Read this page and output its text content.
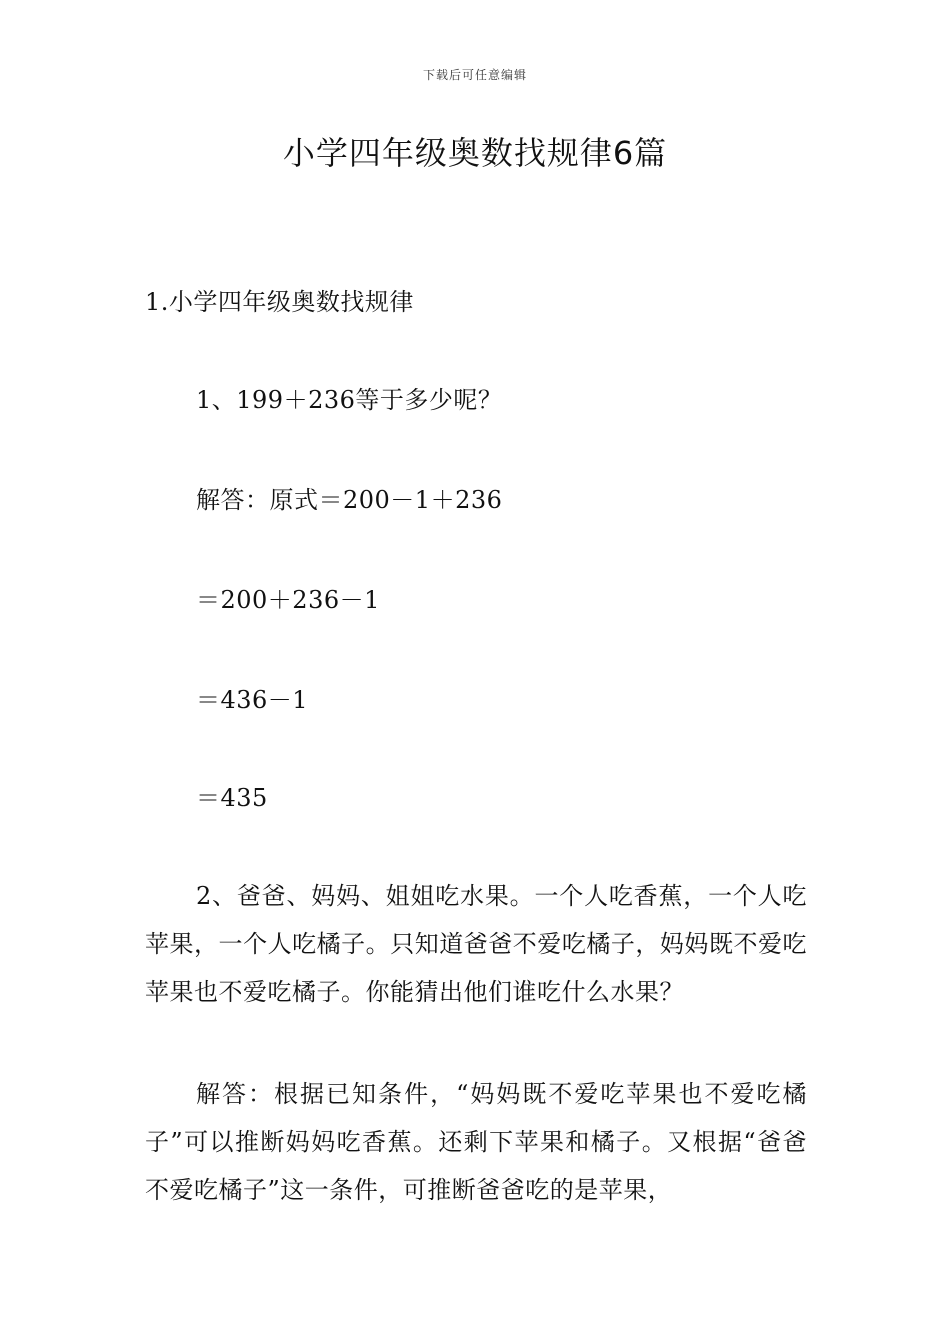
下载后可任意编辑
小学四年级奥数找规律6篇

1.小学四年级奥数找规律

1、199＋236等于多少呢？

解答：原式＝200－1＋236

＝200＋236－1

＝436－1

＝435

2、爸爸、妈妈、姐姐吃水果。一个人吃香蕉，一个人吃苹果，一个人吃橘子。只知道爸爸不爱吃橘子，妈妈既不爱吃苹果也不爱吃橘子。你能猜出他们谁吃什么水果？

解答：根据已知条件，“妈妈既不爱吃苹果也不爱吃橘子”可以推断妈妈吃香蕉。还剩下苹果和橘子。又根据“爸爸不爱吃橘子”这一条件，可推断爸爸吃的是苹果，
